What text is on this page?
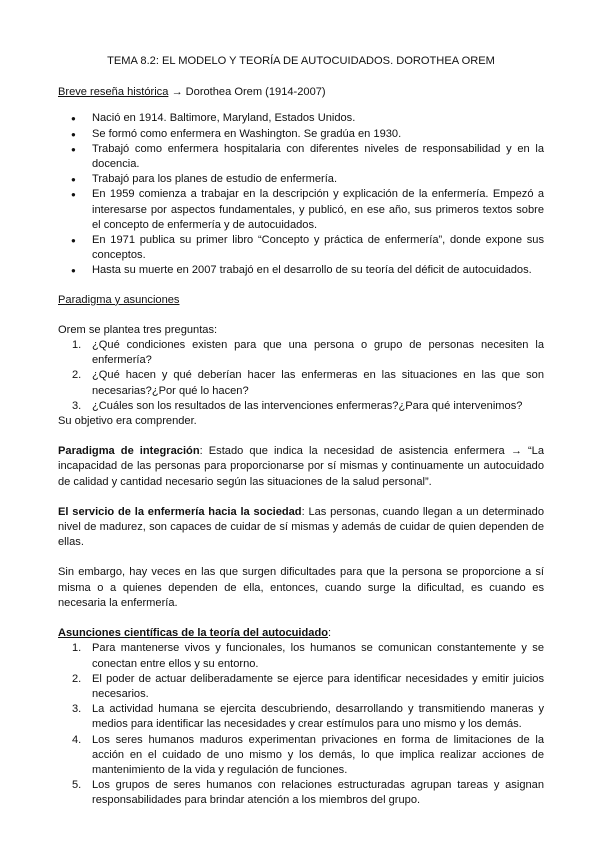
TEMA 8.2: EL MODELO Y TEORÍA DE AUTOCUIDADOS. DOROTHEA OREM

Breve reseña histórica → Dorothea Orem (1914-2007)

● Nació en 1914. Baltimore, Maryland, Estados Unidos.
● Se formó como enfermera en Washington. Se gradúa en 1930.
● Trabajó como enfermera hospitalaria con diferentes niveles de responsabilidad y en la docencia.
● Trabajó para los planes de estudio de enfermería.
● En 1959 comienza a trabajar en la descripción y explicación de la enfermería. Empezó a interesarse por aspectos fundamentales, y publicó, en ese año, sus primeros textos sobre el concepto de enfermería y de autocuidados.
● En 1971 publica su primer libro “Concepto y práctica de enfermería”, donde expone sus conceptos.
● Hasta su muerte en 2007 trabajó en el desarrollo de su teoría del déficit de autocuidados.

Paradigma y asunciones

Orem se plantea tres preguntas:

1. ¿Qué condiciones existen para que una persona o grupo de personas necesiten la enfermería?
2. ¿Qué hacen y qué deberían hacer las enfermeras en las situaciones en las que son necesarias?¿Por qué lo hacen?
3. ¿Cuáles son los resultados de las intervenciones enfermeras?¿Para qué intervenimos?

Su objetivo era comprender.

Paradigma de integración: Estado que indica la necesidad de asistencia enfermera → “La incapacidad de las personas para proporcionarse por sí mismas y continuamente un autocuidado de calidad y cantidad necesario según las situaciones de la salud personal”.

El servicio de la enfermería hacia la sociedad: Las personas, cuando llegan a un determinado nivel de madurez, son capaces de cuidar de sí mismas y además de cuidar de quien dependen de ellas.

Sin embargo, hay veces en las que surgen dificultades para que la persona se proporcione a sí misma o a quienes dependen de ella, entonces, cuando surge la dificultad, es cuando es necesaria la enfermería.

Asunciones científicas de la teoría del autocuidado:

1. Para mantenerse vivos y funcionales, los humanos se comunican constantemente y se conectan entre ellos y su entorno.
2. El poder de actuar deliberadamente se ejerce para identificar necesidades y emitir juicios necesarios.
3. La actividad humana se ejercita descubriendo, desarrollando y transmitiendo maneras y medios para identificar las necesidades y crear estímulos para uno mismo y los demás.
4. Los seres humanos maduros experimentan privaciones en forma de limitaciones de la acción en el cuidado de uno mismo y los demás, lo que implica realizar acciones de mantenimiento de la vida y regulación de funciones.
5. Los grupos de seres humanos con relaciones estructuradas agrupan tareas y asignan responsabilidades para brindar atención a los miembros del grupo.
